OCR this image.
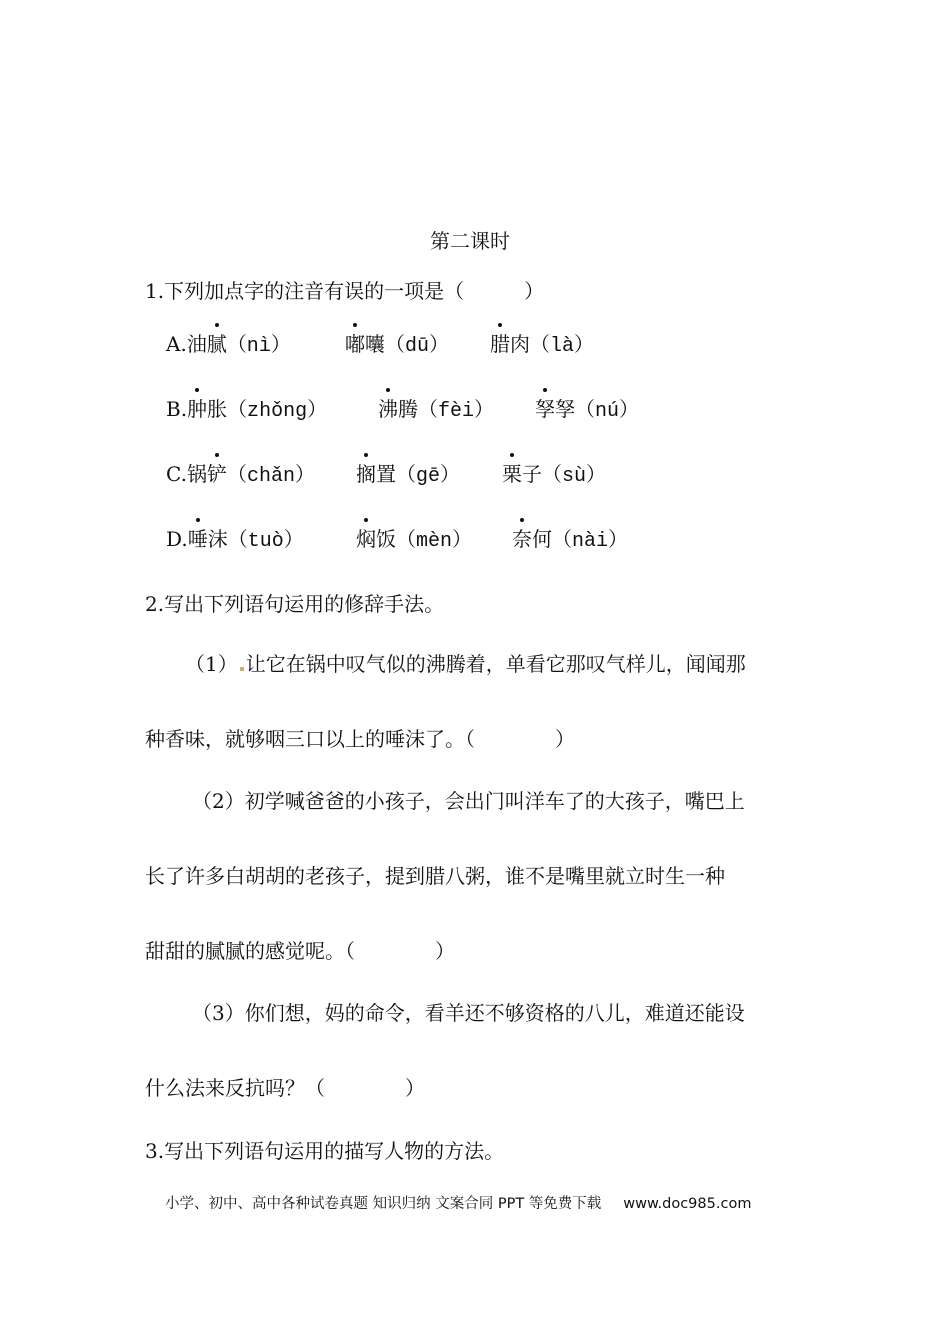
第二课时
1.下列加点字的注音有误的一项是（　　　）
A.油腻（nì）	嘟囔（dū） 腊肉（là）
B.肿胀（zhǒng）	沸腾（fèi） 孥孥（nú）
C.锅铲（chǎn） 搁置（gē） 栗子（sù）
D.唾沫（tuò）	焖饭（mèn） 奈何（nài）
2.写出下列语句运用的修辞手法。
（1） 让它在锅中叹气似的沸腾着，单看它那叹气样儿，闻闻那
种香味，就够咽三口以上的唾沫了。（　　　　）
（2）初学喊爸爸的小孩子，会出门叫洋车了的大孩子，嘴巴上
长了许多白胡胡的老孩子，提到腊八粥，谁不是嘴里就立时生一种
甜甜的腻腻的感觉呢。（　　　　）
（3）你们想，妈的命令，看羊还不够资格的八儿，难道还能设
什么法来反抗吗？（　　　　）
3.写出下列语句运用的描写人物的方法。
小学、初中、高中各种试卷真题 知识归纳 文案合同 PPT 等免费下载 www.doc985.com
